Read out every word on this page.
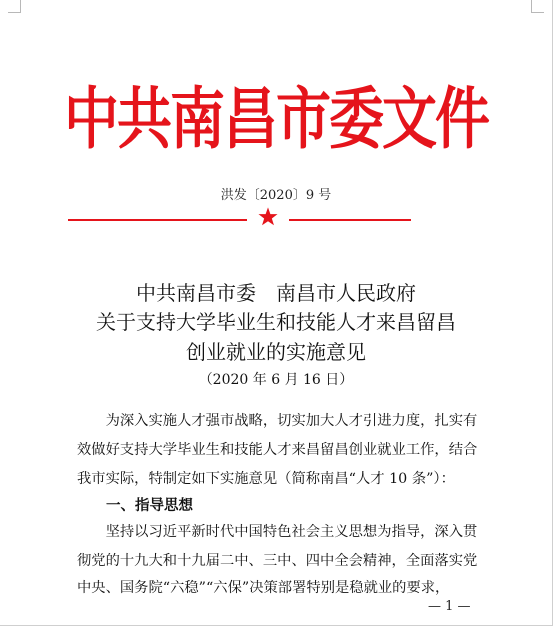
中共南昌市委文件
洪发〔2020〕9 号
中共南昌市委　南昌市人民政府
关于支持大学毕业生和技能人才来昌留昌
创业就业的实施意见
（2020 年 6 月 16 日）
　　为深入实施人才强市战略，切实加大人才引进力度，扎实有
效做好支持大学毕业生和技能人才来昌留昌创业就业工作，结合
我市实际，特制定如下实施意见（简称南昌“人才 10 条”）：
一、指导思想
　　坚持以习近平新时代中国特色社会主义思想为指导，深入贯
彻党的十九大和十九届二中、三中、四中全会精神，全面落实党
中央、国务院“六稳”“六保”决策部署特别是稳就业的要求，
— 1 —
